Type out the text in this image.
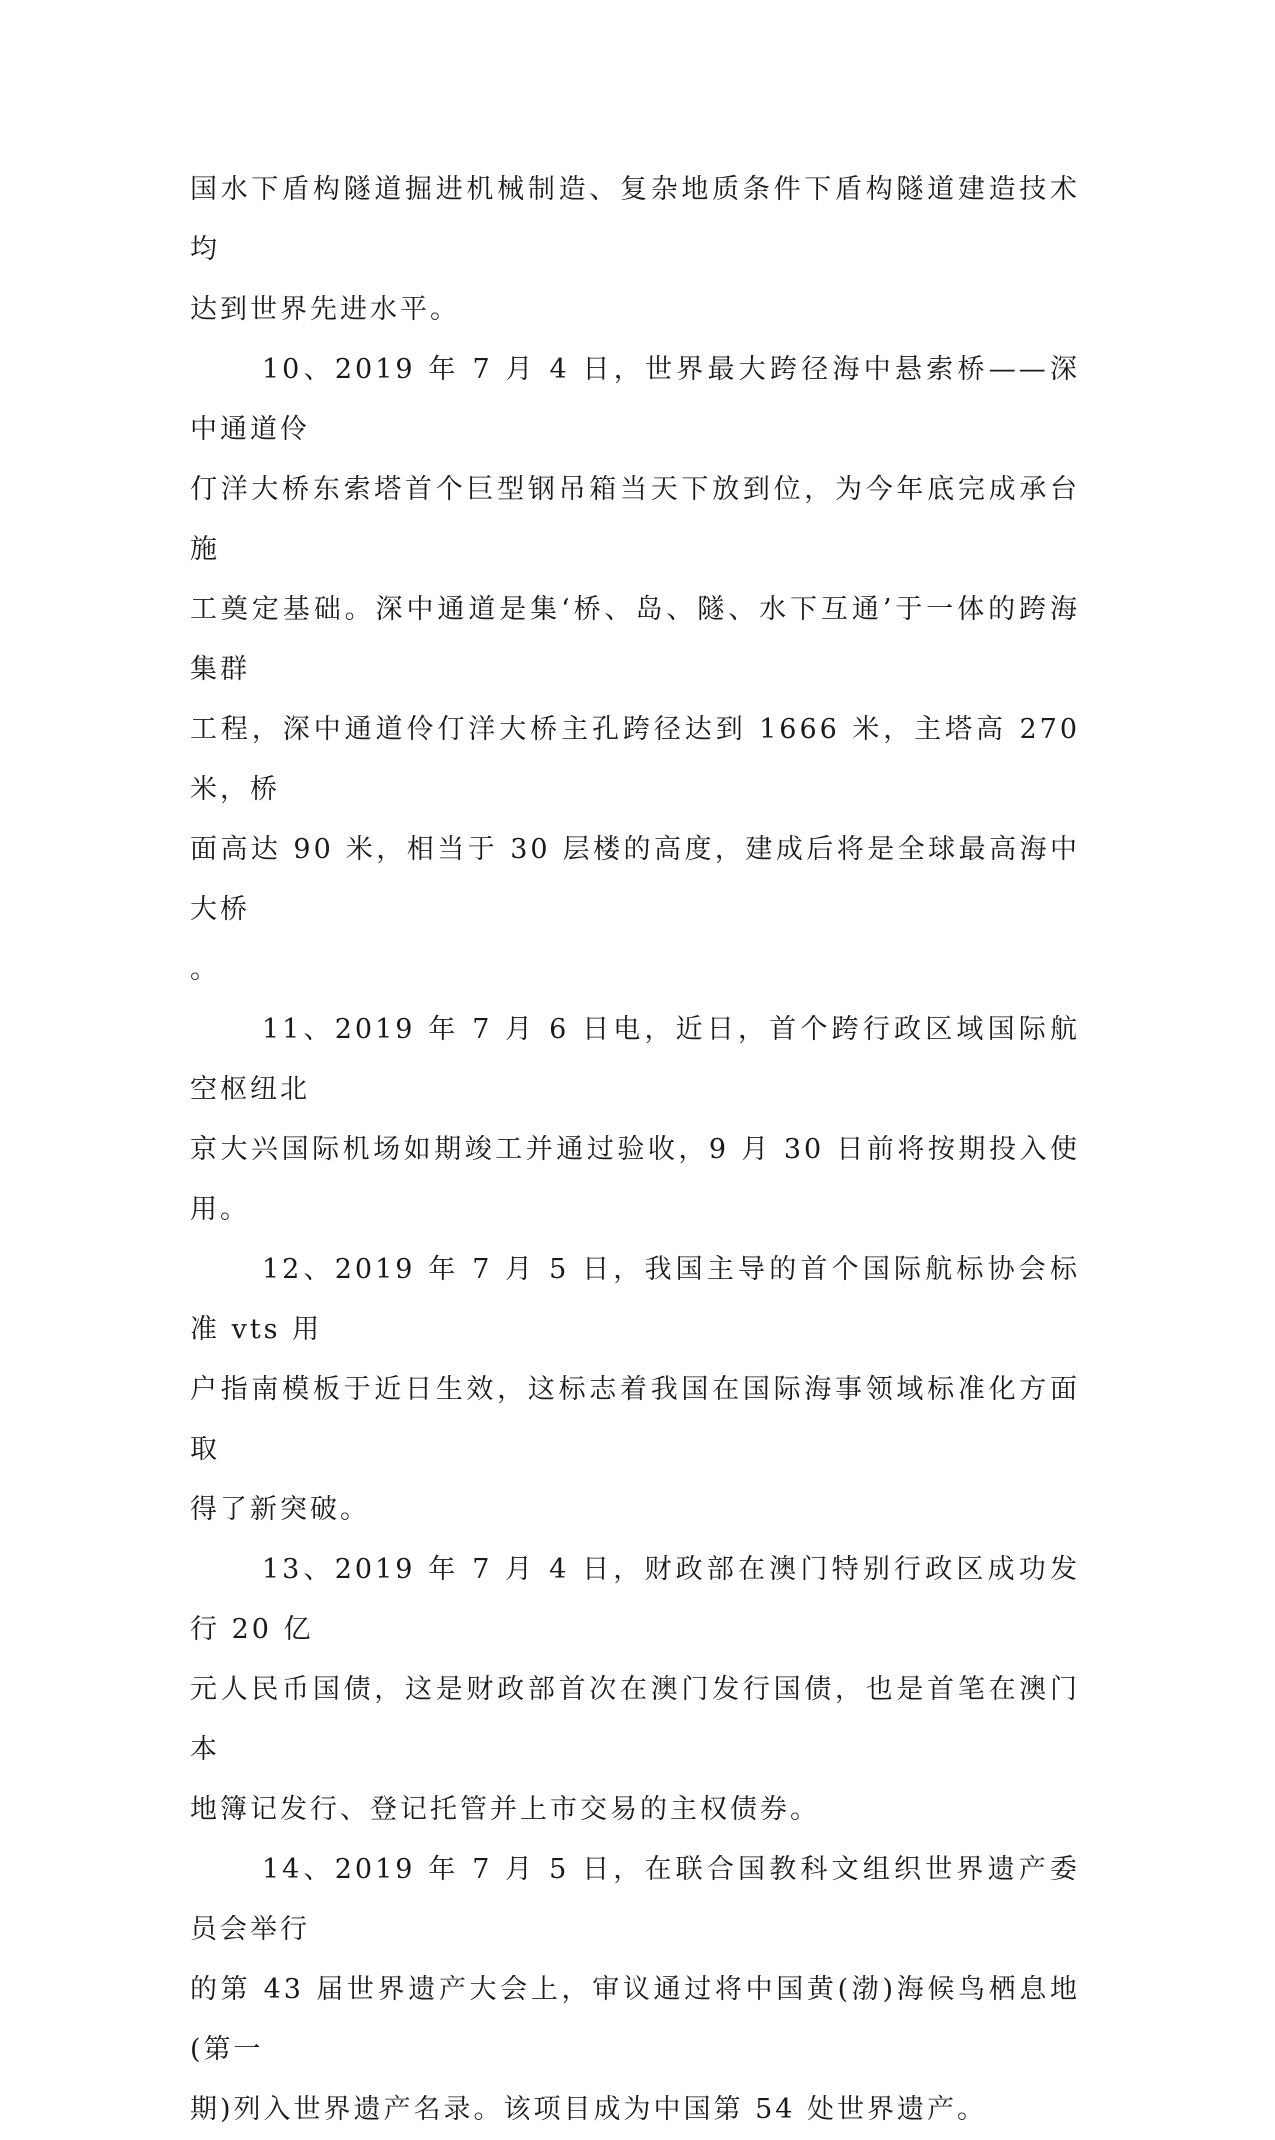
国水下盾构隧道掘进机械制造、复杂地质条件下盾构隧道建造技术均
达到世界先进水平。

10、2019 年 7 月 4 日，世界最大跨径海中悬索桥——深中通道伶
仃洋大桥东索塔首个巨型钢吊箱当天下放到位，为今年底完成承台施
工奠定基础。深中通道是集‘桥、岛、隧、水下互通’于一体的跨海集群
工程，深中通道伶仃洋大桥主孔跨径达到 1666 米，主塔高 270 米，桥
面高达 90 米，相当于 30 层楼的高度，建成后将是全球最高海中大桥
。

11、2019 年 7 月 6 日电，近日，首个跨行政区域国际航空枢纽北
京大兴国际机场如期竣工并通过验收，9 月 30 日前将按期投入使用。

12、2019 年 7 月 5 日，我国主导的首个国际航标协会标准 vts 用
户指南模板于近日生效，这标志着我国在国际海事领域标准化方面取
得了新突破。

13、2019 年 7 月 4 日，财政部在澳门特别行政区成功发行 20 亿
元人民币国债，这是财政部首次在澳门发行国债，也是首笔在澳门本
地簿记发行、登记托管并上市交易的主权债券。

14、2019 年 7 月 5 日，在联合国教科文组织世界遗产委员会举行
的第 43 届世界遗产大会上，审议通过将中国黄(渤)海候鸟栖息地(第一
期)列入世界遗产名录。该项目成为中国第 54 处世界遗产。
